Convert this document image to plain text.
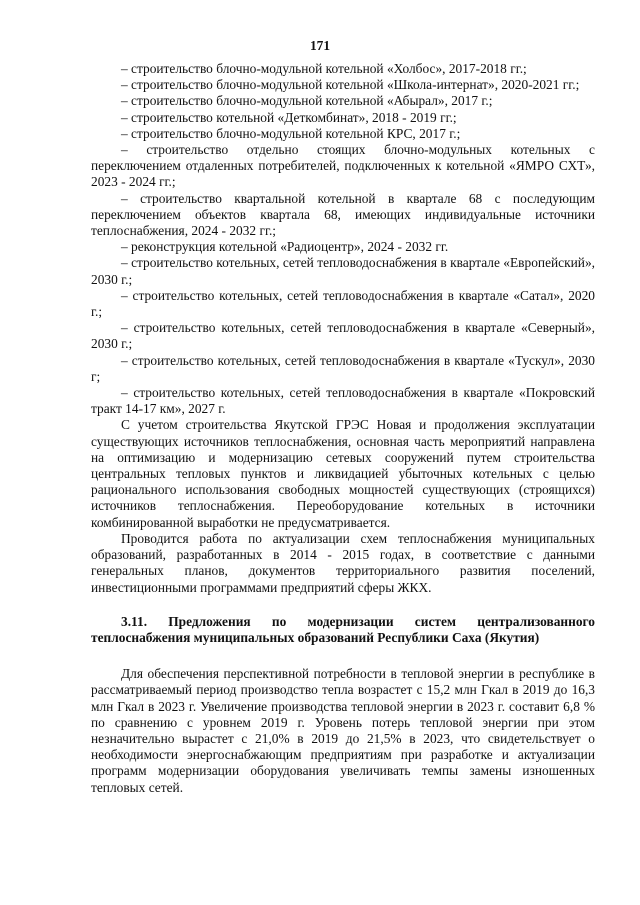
171

– строительство блочно-модульной котельной «Холбос», 2017-2018 гг.;

– строительство блочно-модульной котельной «Школа-интернат», 2020-2021 гг.;

– строительство блочно-модульной котельной «Абырал», 2017 г.;

– строительство котельной «Деткомбинат», 2018 - 2019 гг.;

– строительство блочно-модульной котельной КРС, 2017 г.;

– строительство отдельно стоящих блочно-модульных котельных с переключением отдаленных потребителей, подключенных к котельной «ЯМРО СХТ», 2023 - 2024 гг.;

– строительство квартальной котельной в квартале 68 с последующим переключением объектов квартала 68, имеющих индивидуальные источники теплоснабжения, 2024 - 2032 гг.;

– реконструкция котельной «Радиоцентр», 2024 - 2032 гг.

– строительство котельных, сетей тепловодоснабжения в квартале «Европейский», 2030 г.;

– строительство котельных, сетей тепловодоснабжения в квартале «Сатал», 2020 г.;

– строительство котельных, сетей тепловодоснабжения в квартале «Северный», 2030 г.;

– строительство котельных, сетей тепловодоснабжения в квартале «Тускул», 2030 г;

– строительство котельных, сетей тепловодоснабжения в квартале «Покровский тракт 14-17 км», 2027 г.

С учетом строительства Якутской ГРЭС Новая и продолжения эксплуатации существующих источников теплоснабжения, основная часть мероприятий направлена на оптимизацию и модернизацию сетевых сооружений путем строительства центральных тепловых пунктов и ликвидацией убыточных котельных с целью рационального использования свободных мощностей существующих (строящихся) источников теплоснабжения. Переоборудование котельных в источники комбинированной выработки не предусматривается.

Проводится работа по актуализации схем теплоснабжения муниципальных образований, разработанных в 2014 - 2015 годах, в соответствие с данными генеральных планов, документов территориального развития поселений, инвестиционными программами предприятий сферы ЖКХ.

3.11. Предложения по модернизации систем централизованного теплоснабжения муниципальных образований Республики Саха (Якутия)

Для обеспечения перспективной потребности в тепловой энергии в республике в рассматриваемый период производство тепла возрастет с 15,2 млн Гкал в 2019 до 16,3 млн Гкал в 2023 г. Увеличение производства тепловой энергии в 2023 г. составит 6,8 % по сравнению с уровнем 2019 г. Уровень потерь тепловой энергии при этом незначительно вырастет с 21,0% в 2019 до 21,5% в 2023, что свидетельствует о необходимости энергоснабжающим предприятиям при разработке и актуализации программ модернизации оборудования увеличивать темпы замены изношенных тепловых сетей.
